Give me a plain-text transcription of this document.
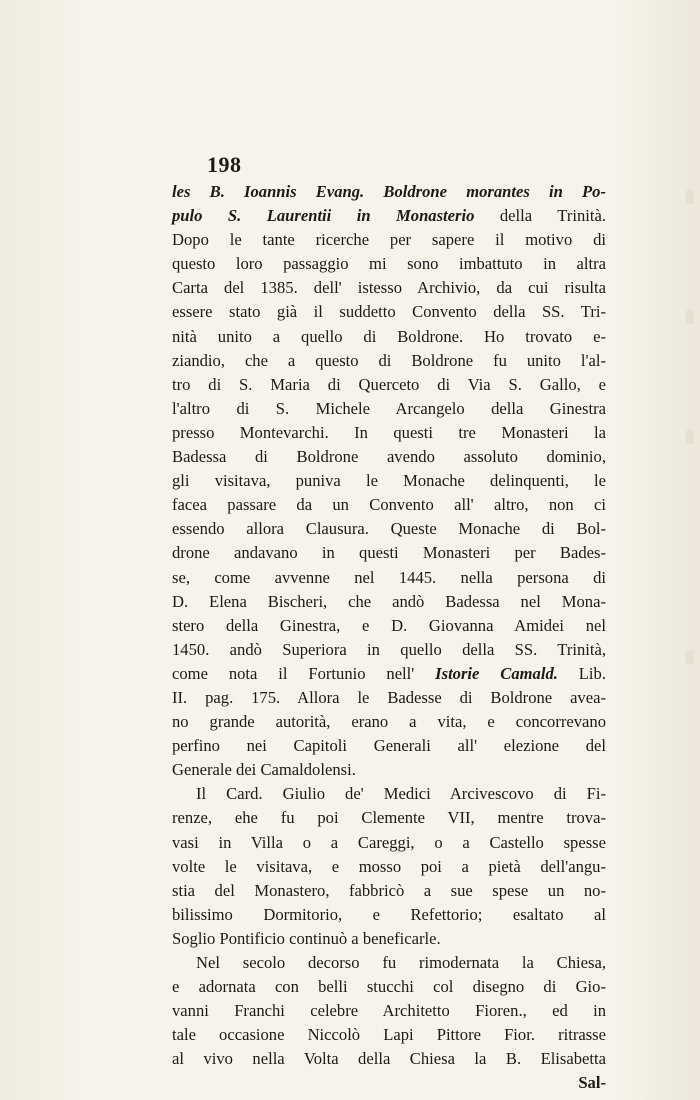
198
les B. Ioannis Evang. Boldrone morantes in Po-
pulo S. Laurentii in Monasterio della Trinità.
Dopo le tante ricerche per sapere il motivo di
questo loro passaggio mi sono imbattuto in altra
Carta del 1385. dell' istesso Archivio, da cui risulta
essere stato già il suddetto Convento della SS. Tri-
nità unito a quello di Boldrone. Ho trovato e-
ziandio, che a questo di Boldrone fu unito l'al-
tro di S. Maria di Querceto di Via S. Gallo, e
l'altro di S. Michele Arcangelo della Ginestra
presso Montevarchi. In questi tre Monasteri la
Badessa di Boldrone avendo assoluto dominio,
gli visitava, puniva le Monache delinquenti, le
facea passare da un Convento all' altro, non ci
essendo allora Clausura. Queste Monache di Bol-
drone andavano in questi Monasteri per Bades-
se, come avvenne nel 1445. nella persona di
D. Elena Bischeri, che andò Badessa nel Mona-
stero della Ginestra, e D. Giovanna Amidei nel
1450. andò Superiora in quello della SS. Trinità,
come nota il Fortunio nell' Istorie Camald. Lib.
II. pag. 175. Allora le Badesse di Boldrone avea-
no grande autorità, erano a vita, e concorrevano
perfino nei Capitoli Generali all' elezione del
Generale dei Camaldolensi.
Il Card. Giulio de' Medici Arcivescovo di Fi-
renze, ehe fu poi Clemente VII, mentre trova-
vasi in Villa o a Careggi, o a Castello spesse
volte le visitava, e mosso poi a pietà dell'angu-
stia del Monastero, fabbricò a sue spese un no-
bilissimo Dormitorio, e Refettorio; esaltato al
Soglio Pontificio continuò a beneficarle.
Nel secolo decorso fu rimodernata la Chiesa,
e adornata con belli stucchi col disegno di Gio-
vanni Franchi celebre Architetto Fioren., ed in
tale occasione Niccolò Lapi Pittore Fior. ritrasse
al vivo nella Volta della Chiesa la B. Elisabetta
Sal-
